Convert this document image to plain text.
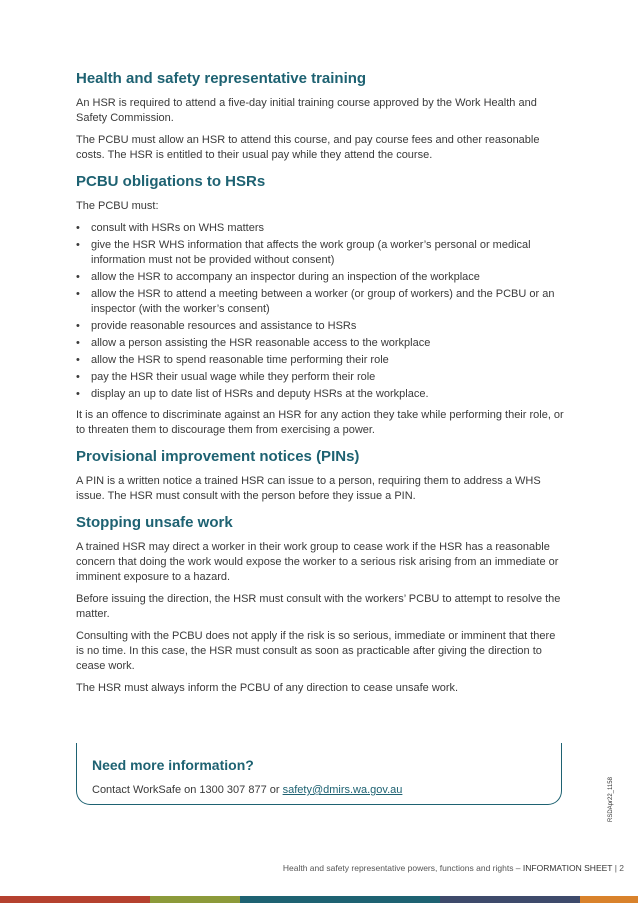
Health and safety representative training

An HSR is required to attend a five-day initial training course approved by the Work Health and Safety Commission.

The PCBU must allow an HSR to attend this course, and pay course fees and other reasonable costs. The HSR is entitled to their usual pay while they attend the course.

PCBU obligations to HSRs

The PCBU must:

• consult with HSRs on WHS matters
• give the HSR WHS information that affects the work group (a worker’s personal or medical information must not be provided without consent)
• allow the HSR to accompany an inspector during an inspection of the workplace
• allow the HSR to attend a meeting between a worker (or group of workers) and the PCBU or an inspector (with the worker’s consent)
• provide reasonable resources and assistance to HSRs
• allow a person assisting the HSR reasonable access to the workplace
• allow the HSR to spend reasonable time performing their role
• pay the HSR their usual wage while they perform their role
• display an up to date list of HSRs and deputy HSRs at the workplace.

It is an offence to discriminate against an HSR for any action they take while performing their role, or to threaten them to discourage them from exercising a power.

Provisional improvement notices (PINs)

A PIN is a written notice a trained HSR can issue to a person, requiring them to address a WHS issue. The HSR must consult with the person before they issue a PIN.

Stopping unsafe work

A trained HSR may direct a worker in their work group to cease work if the HSR has a reasonable concern that doing the work would expose the worker to a serious risk arising from an immediate or imminent exposure to a hazard.

Before issuing the direction, the HSR must consult with the workers’ PCBU to attempt to resolve the matter.

Consulting with the PCBU does not apply if the risk is so serious, immediate or imminent that there is no time. In this case, the HSR must consult as soon as practicable after giving the direction to cease work.

The HSR must always inform the PCBU of any direction to cease unsafe work.

Need more information?
Contact WorkSafe on 1300 307 877 or safety@dmirs.wa.gov.au	RSDApr22_1158
Health and safety representative powers, functions and rights – INFORMATION SHEET | 2
